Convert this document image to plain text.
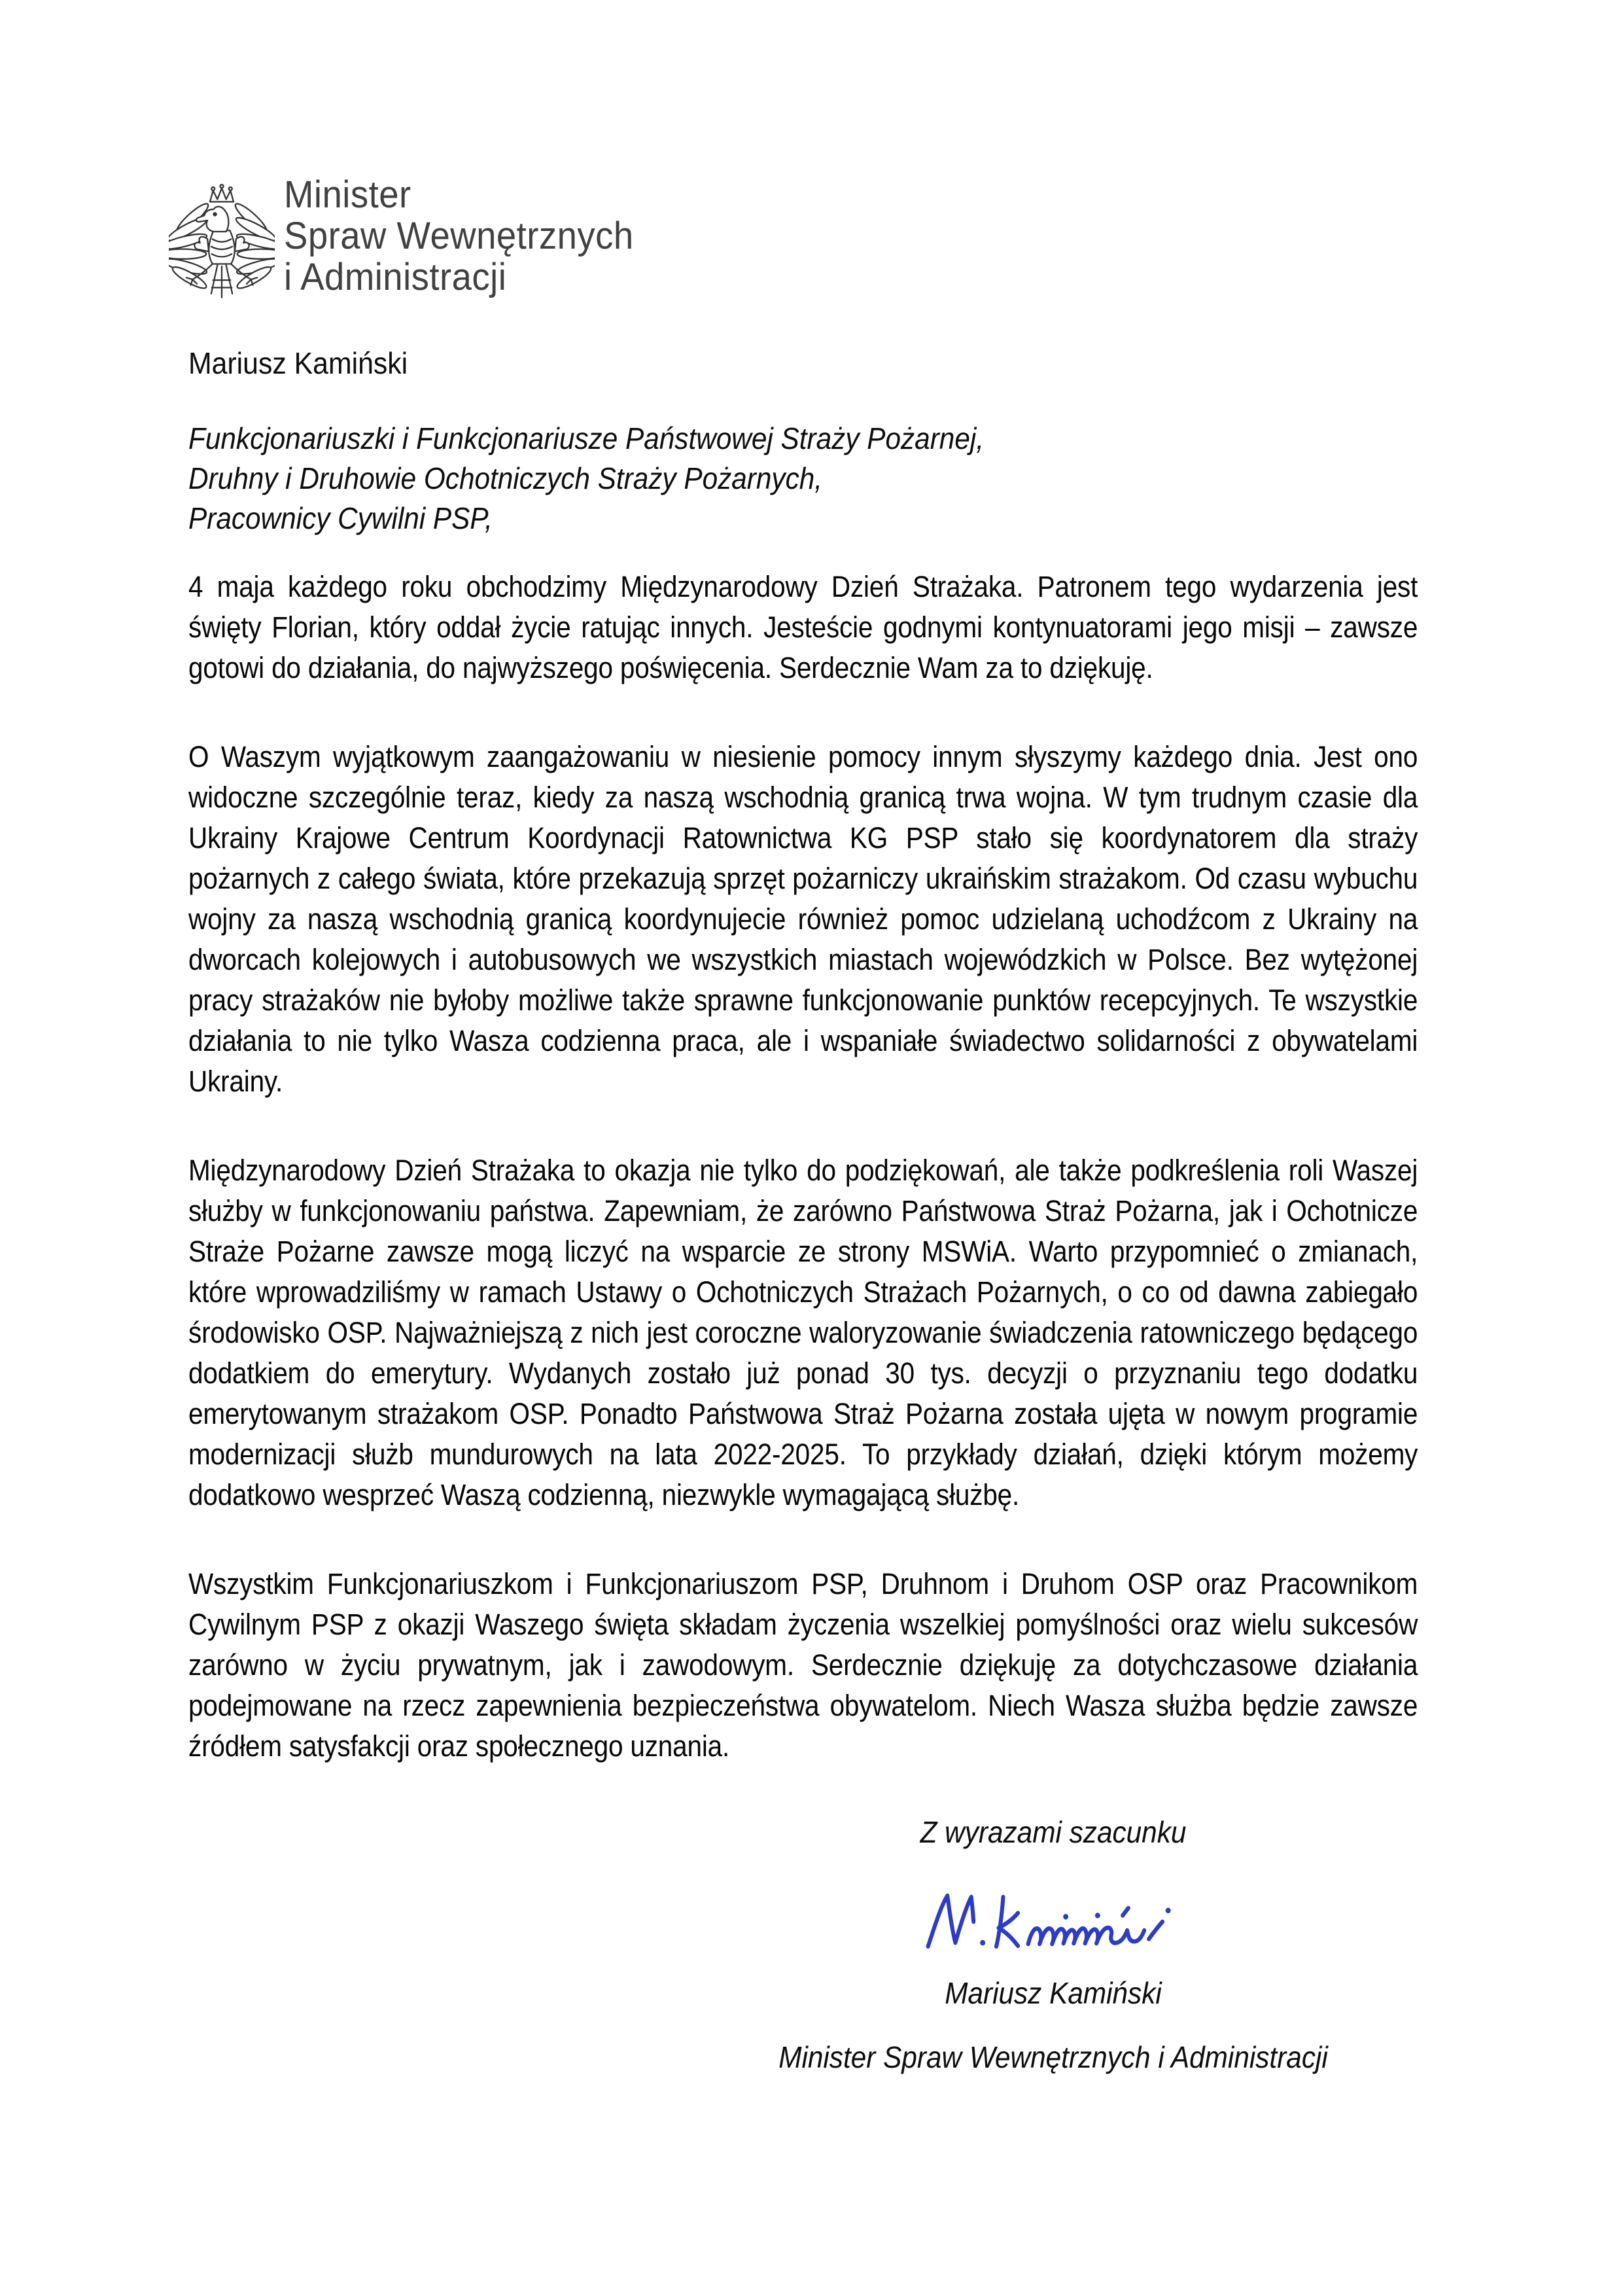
Minister
Spraw Wewnętrznych
i Administracji
Mariusz Kamiński
Funkcjonariuszki i Funkcjonariusze Państwowej Straży Pożarnej,
Druhny i Druhowie Ochotniczych Straży Pożarnych,
Pracownicy Cywilni PSP,

4 maja każdego roku obchodzimy Międzynarodowy Dzień Strażaka. Patronem tego wydarzenia jest święty Florian, który oddał życie ratując innych. Jesteście godnymi kontynuatorami jego misji – zawsze gotowi do działania, do najwyższego poświęcenia. Serdecznie Wam za to dziękuję.

O Waszym wyjątkowym zaangażowaniu w niesienie pomocy innym słyszymy każdego dnia. Jest ono widoczne szczególnie teraz, kiedy za naszą wschodnią granicą trwa wojna. W tym trudnym czasie dla Ukrainy Krajowe Centrum Koordynacji Ratownictwa KG PSP stało się koordynatorem dla straży pożarnych z całego świata, które przekazują sprzęt pożarniczy ukraińskim strażakom. Od czasu wybuchu wojny za naszą wschodnią granicą koordynujecie również pomoc udzielaną uchodźcom z Ukrainy na dworcach kolejowych i autobusowych we wszystkich miastach wojewódzkich w Polsce. Bez wytężonej pracy strażaków nie byłoby możliwe także sprawne funkcjonowanie punktów recepcyjnych. Te wszystkie działania to nie tylko Wasza codzienna praca, ale i wspaniałe świadectwo solidarności z obywatelami Ukrainy.

Międzynarodowy Dzień Strażaka to okazja nie tylko do podziękowań, ale także podkreślenia roli Waszej służby w funkcjonowaniu państwa. Zapewniam, że zarówno Państwowa Straż Pożarna, jak i Ochotnicze Straże Pożarne zawsze mogą liczyć na wsparcie ze strony MSWiA. Warto przypomnieć o zmianach, które wprowadziliśmy w ramach Ustawy o Ochotniczych Strażach Pożarnych, o co od dawna zabiegało środowisko OSP. Najważniejszą z nich jest coroczne waloryzowanie świadczenia ratowniczego będącego dodatkiem do emerytury. Wydanych zostało już ponad 30 tys. decyzji o przyznaniu tego dodatku emerytowanym strażakom OSP. Ponadto Państwowa Straż Pożarna została ujęta w nowym programie modernizacji służb mundurowych na lata 2022-2025. To przykłady działań, dzięki którym możemy dodatkowo wesprzeć Waszą codzienną, niezwykle wymagającą służbę.

Wszystkim Funkcjonariuszkom i Funkcjonariuszom PSP, Druhnom i Druhom OSP oraz Pracownikom Cywilnym PSP z okazji Waszego święta składam życzenia wszelkiej pomyślności oraz wielu sukcesów zarówno w życiu prywatnym, jak i zawodowym. Serdecznie dziękuję za dotychczasowe działania podejmowane na rzecz zapewnienia bezpieczeństwa obywatelom. Niech Wasza służba będzie zawsze źródłem satysfakcji oraz społecznego uznania.

Z wyrazami szacunku
Mariusz Kamiński
Minister Spraw Wewnętrznych i Administracji
